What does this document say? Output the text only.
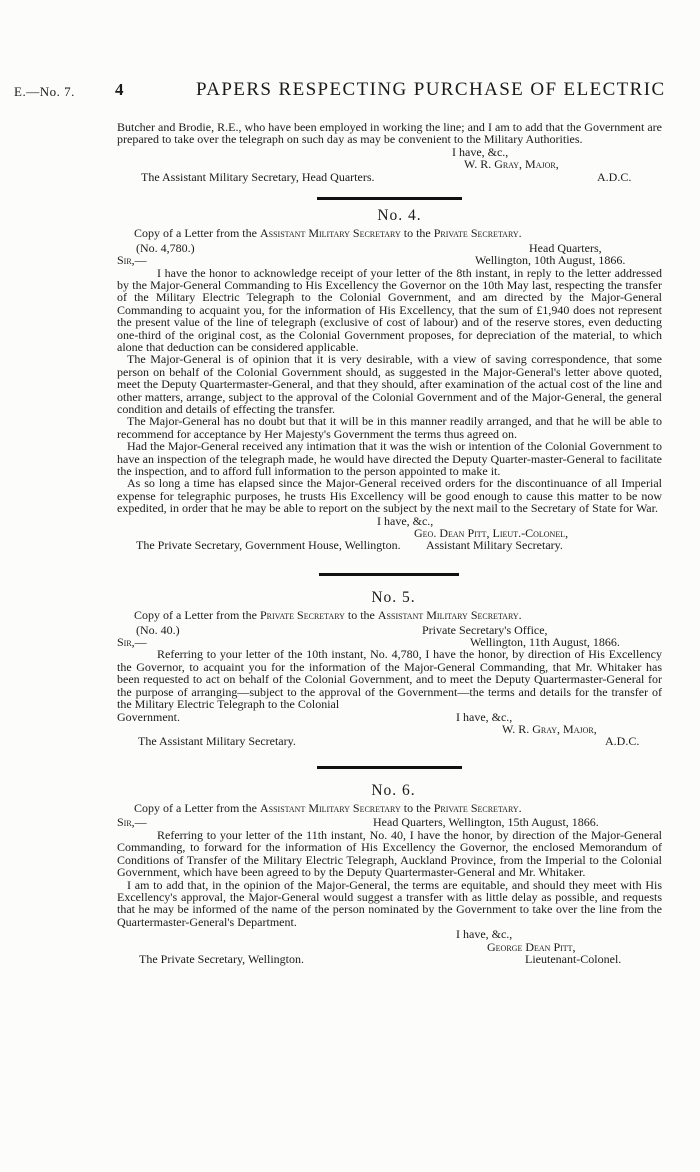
E.—No. 7. 4	PAPERS RESPECTING PURCHASE OF ELECTRIC

Butcher and Brodie, R.E., who have been employed in working the line; and I am to add that the Government are prepared to take over the telegraph on such day as may be convenient to the Military Authorities.

I have, &c.,
W. R. Gray, Major,
The Assistant Military Secretary, Head Quarters.	A.D.C.
No. 4.
Copy of a Letter from the Assistant Military Secretary to the Private Secretary.
(No. 4,780.)	Head Quarters,
Sir,—	Wellington, 10th August, 1866.

I have the honor to acknowledge receipt of your letter of the 8th instant, in reply to the letter addressed by the Major-General Commanding to His Excellency the Governor on the 10th May last, respecting the transfer of the Military Electric Telegraph to the Colonial Government, and am directed by the Major-General Commanding to acquaint you, for the information of His Excellency, that the sum of £1,940 does not represent the present value of the line of telegraph (exclusive of cost of labour) and of the reserve stores, even deducting one-third of the original cost, as the Colonial Government proposes, for depreciation of the material, to which alone that deduction can be considered applicable.

The Major-General is of opinion that it is very desirable, with a view of saving correspondence, that some person on behalf of the Colonial Government should, as suggested in the Major-General's letter above quoted, meet the Deputy Quartermaster-General, and that they should, after examination of the actual cost of the line and other matters, arrange, subject to the approval of the Colonial Government and of the Major-General, the general condition and details of effecting the transfer.

The Major-General has no doubt but that it will be in this manner readily arranged, and that he will be able to recommend for acceptance by Her Majesty's Government the terms thus agreed on.

Had the Major-General received any intimation that it was the wish or intention of the Colonial Government to have an inspection of the telegraph made, he would have directed the Deputy Quarter-master-General to facilitate the inspection, and to afford full information to the person appointed to make it.

As so long a time has elapsed since the Major-General received orders for the discontinuance of all Imperial expense for telegraphic purposes, he trusts His Excellency will be good enough to cause this matter to be now expedited, in order that he may be able to report on the subject by the next mail to the Secretary of State for War.

I have, &c.,
Geo. Dean Pitt, Lieut.-Colonel,
The Private Secretary, Government House, Wellington. Assistant Military Secretary.
No. 5.
Copy of a Letter from the Private Secretary to the Assistant Military Secretary.
(No. 40.)	Private Secretary's Office,
Sir,—	Wellington, 11th August, 1866.

Referring to your letter of the 10th instant, No. 4,780, I have the honor, by direction of His Excellency the Governor, to acquaint you for the information of the Major-General Commanding, that Mr. Whitaker has been requested to act on behalf of the Colonial Government, and to meet the Deputy Quartermaster-General for the purpose of arranging—subject to the approval of the Government—the terms and details for the transfer of the Military Electric Telegraph to the Colonial

Government.	I have, &c.,
W. R. Gray, Major,
The Assistant Military Secretary.	A.D.C.
No. 6.
Copy of a Letter from the Assistant Military Secretary to the Private Secretary.
Sir,—	Head Quarters, Wellington, 15th August, 1866.

Referring to your letter of the 11th instant, No. 40, I have the honor, by direction of the Major-General Commanding, to forward for the information of His Excellency the Governor, the enclosed Memorandum of Conditions of Transfer of the Military Electric Telegraph, Auckland Province, from the Imperial to the Colonial Government, which have been agreed to by the Deputy Quartermaster-General and Mr. Whitaker.

I am to add that, in the opinion of the Major-General, the terms are equitable, and should they meet with His Excellency's approval, the Major-General would suggest a transfer with as little delay as possible, and requests that he may be informed of the name of the person nominated by the Government to take over the line from the Quartermaster-General's Department.

I have, &c.,
George Dean Pitt,
The Private Secretary, Wellington.	Lieutenant-Colonel.
